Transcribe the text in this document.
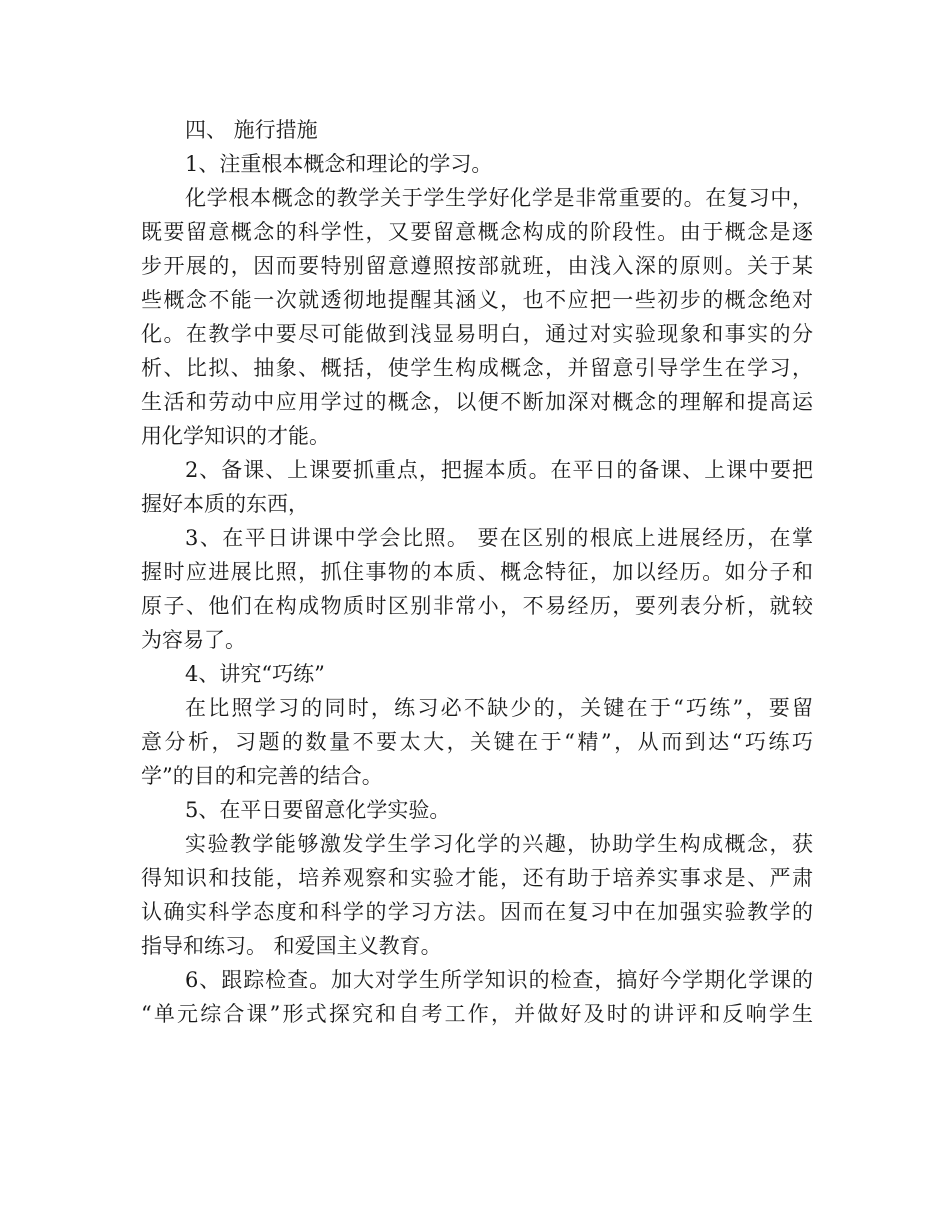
四、 施行措施
1、注重根本概念和理论的学习。
化学根本概念的教学关于学生学好化学是非常重要的。在复习中，
既要留意概念的科学性，又要留意概念构成的阶段性。由于概念是逐
步开展的，因而要特别留意遵照按部就班，由浅入深的原则。关于某
些概念不能一次就透彻地提醒其涵义，也不应把一些初步的概念绝对
化。在教学中要尽可能做到浅显易明白，通过对实验现象和事实的分
析、比拟、抽象、概括，使学生构成概念，并留意引导学生在学习，
生活和劳动中应用学过的概念，以便不断加深对概念的理解和提高运
用化学知识的才能。
2、备课、上课要抓重点，把握本质。在平日的备课、上课中要把
握好本质的东西，
3、在平日讲课中学会比照。 要在区别的根底上进展经历，在掌
握时应进展比照，抓住事物的本质、概念特征，加以经历。如分子和
原子、他们在构成物质时区别非常小，不易经历，要列表分析，就较
为容易了。
4、讲究“巧练”
在比照学习的同时，练习必不缺少的，关键在于“巧练”，要留
意分析，习题的数量不要太大，关键在于“精”，从而到达“巧练巧
学”的目的和完善的结合。
5、在平日要留意化学实验。
实验教学能够激发学生学习化学的兴趣，协助学生构成概念，获
得知识和技能，培养观察和实验才能，还有助于培养实事求是、严肃
认确实科学态度和科学的学习方法。因而在复习中在加强实验教学的
指导和练习。 和爱国主义教育。
6、跟踪检查。加大对学生所学知识的检查，搞好今学期化学课的
“单元综合课”形式探究和自考工作，并做好及时的讲评和反响学生
